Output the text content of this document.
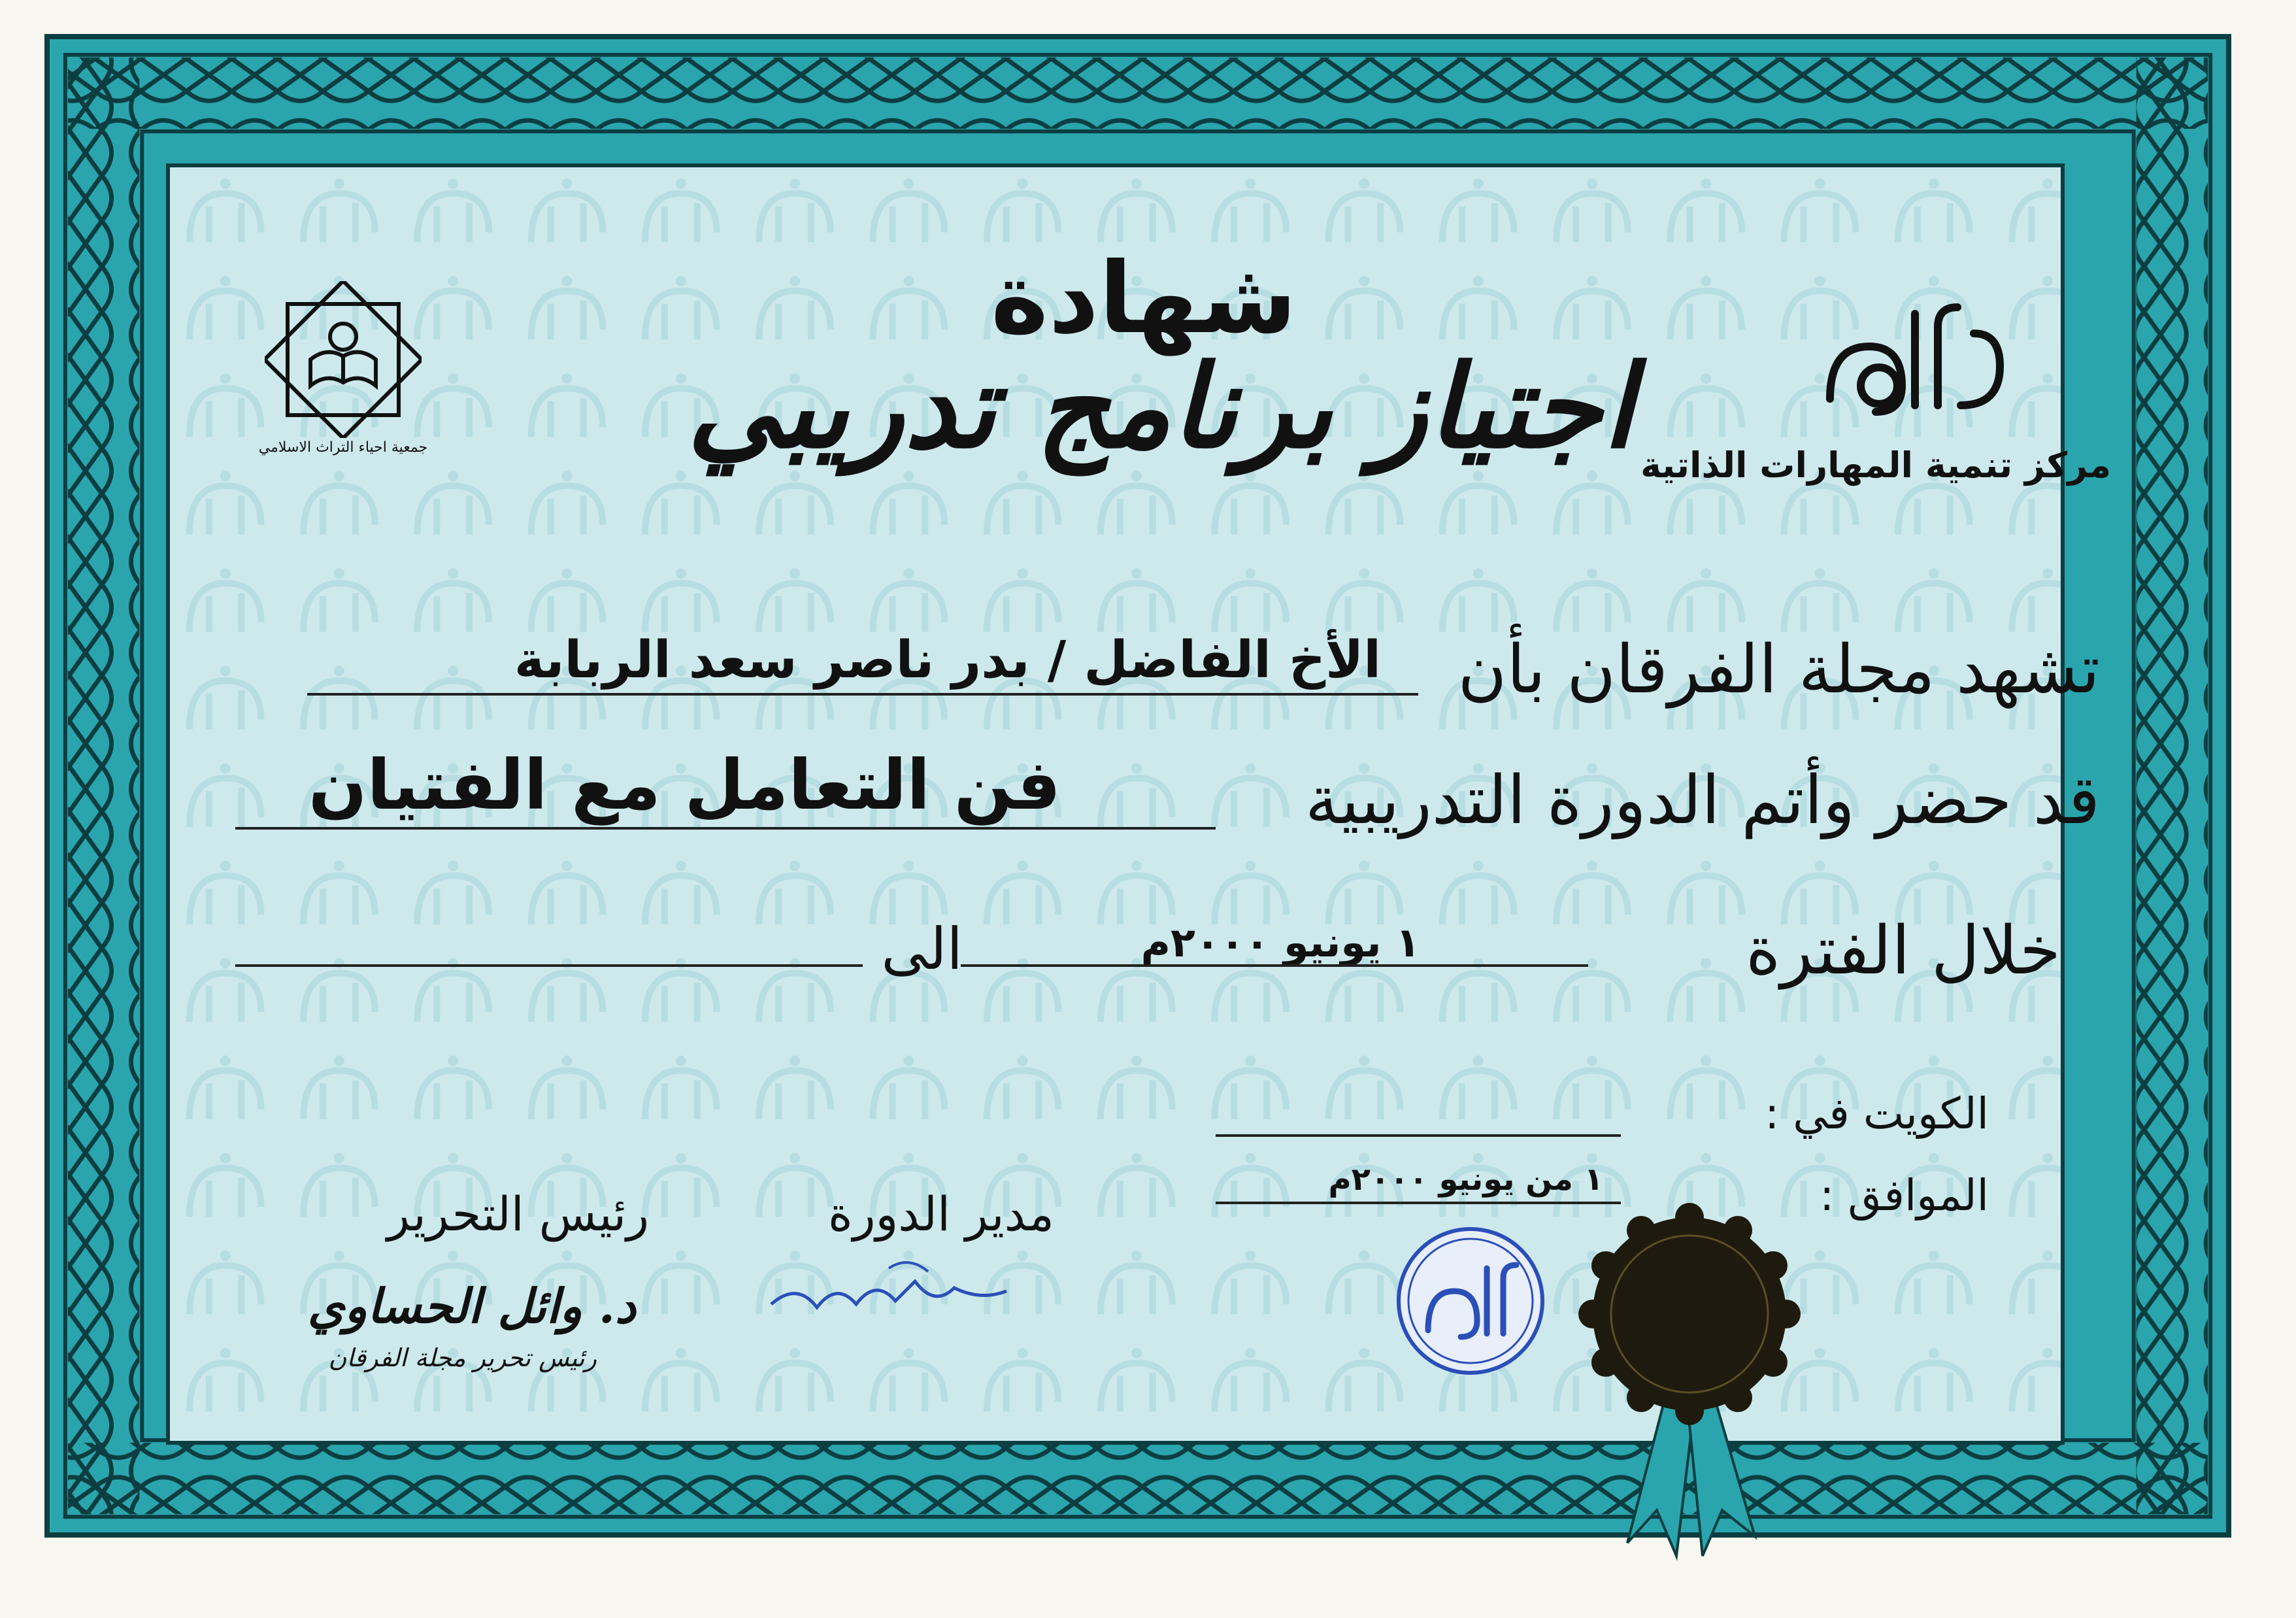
جمعية احياء التراث الاسلامي	مركز تنمية المهارات الذاتية
شهادة
اجتياز برنامج تدريبي
تشهد مجلة الفرقان بأن
الأخ الفاضل / بدر ناصر سعد الربابة
قد حضر وأتم الدورة التدريبية
فن التعامل مع الفتيان
خلال الفترة
١ يونيو ٢٠٠٠م
الى
الكويت في :
الموافق :
١ من يونيو ٢٠٠٠م
مدير الدورة
رئيس التحرير
د. وائل الحساوي
رئيس تحرير مجلة الفرقان
